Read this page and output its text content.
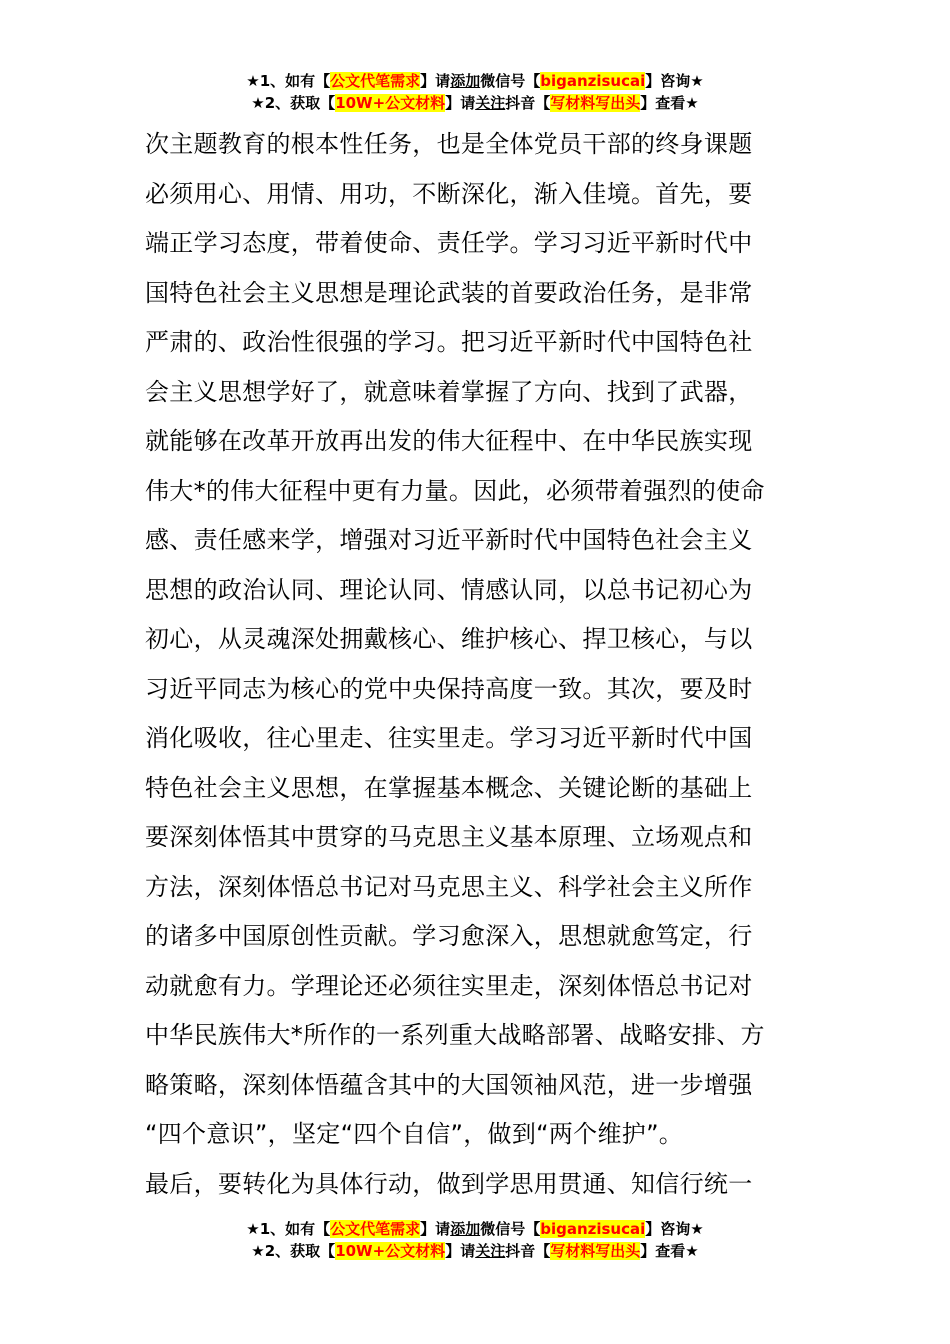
★1、如有【公文代笔需求】请添加微信号【biganzisucai】咨询★
★2、获取【10W+公文材料】请关注抖音【写材料写出头】查看★
次主题教育的根本性任务，也是全体党员干部的终身课题
必须用心、用情、用功，不断深化，渐入佳境。首先，要
端正学习态度，带着使命、责任学。学习习近平新时代中
国特色社会主义思想是理论武装的首要政治任务，是非常
严肃的、政治性很强的学习。把习近平新时代中国特色社
会主义思想学好了，就意味着掌握了方向、找到了武器，
就能够在改革开放再出发的伟大征程中、在中华民族实现
伟大*的伟大征程中更有力量。因此，必须带着强烈的使命
感、责任感来学，增强对习近平新时代中国特色社会主义
思想的政治认同、理论认同、情感认同，以总书记初心为
初心，从灵魂深处拥戴核心、维护核心、捍卫核心，与以
习近平同志为核心的党中央保持高度一致。其次，要及时
消化吸收，往心里走、往实里走。学习习近平新时代中国
特色社会主义思想，在掌握基本概念、关键论断的基础上
要深刻体悟其中贯穿的马克思主义基本原理、立场观点和
方法，深刻体悟总书记对马克思主义、科学社会主义所作
的诸多中国原创性贡献。学习愈深入，思想就愈笃定，行
动就愈有力。学理论还必须往实里走，深刻体悟总书记对
中华民族伟大*所作的一系列重大战略部署、战略安排、方
略策略，深刻体悟蕴含其中的大国领袖风范，进一步增强
“四个意识”，坚定“四个自信”，做到“两个维护”。
最后，要转化为具体行动，做到学思用贯通、知信行统一
★1、如有【公文代笔需求】请添加微信号【biganzisucai】咨询★
★2、获取【10W+公文材料】请关注抖音【写材料写出头】查看★
